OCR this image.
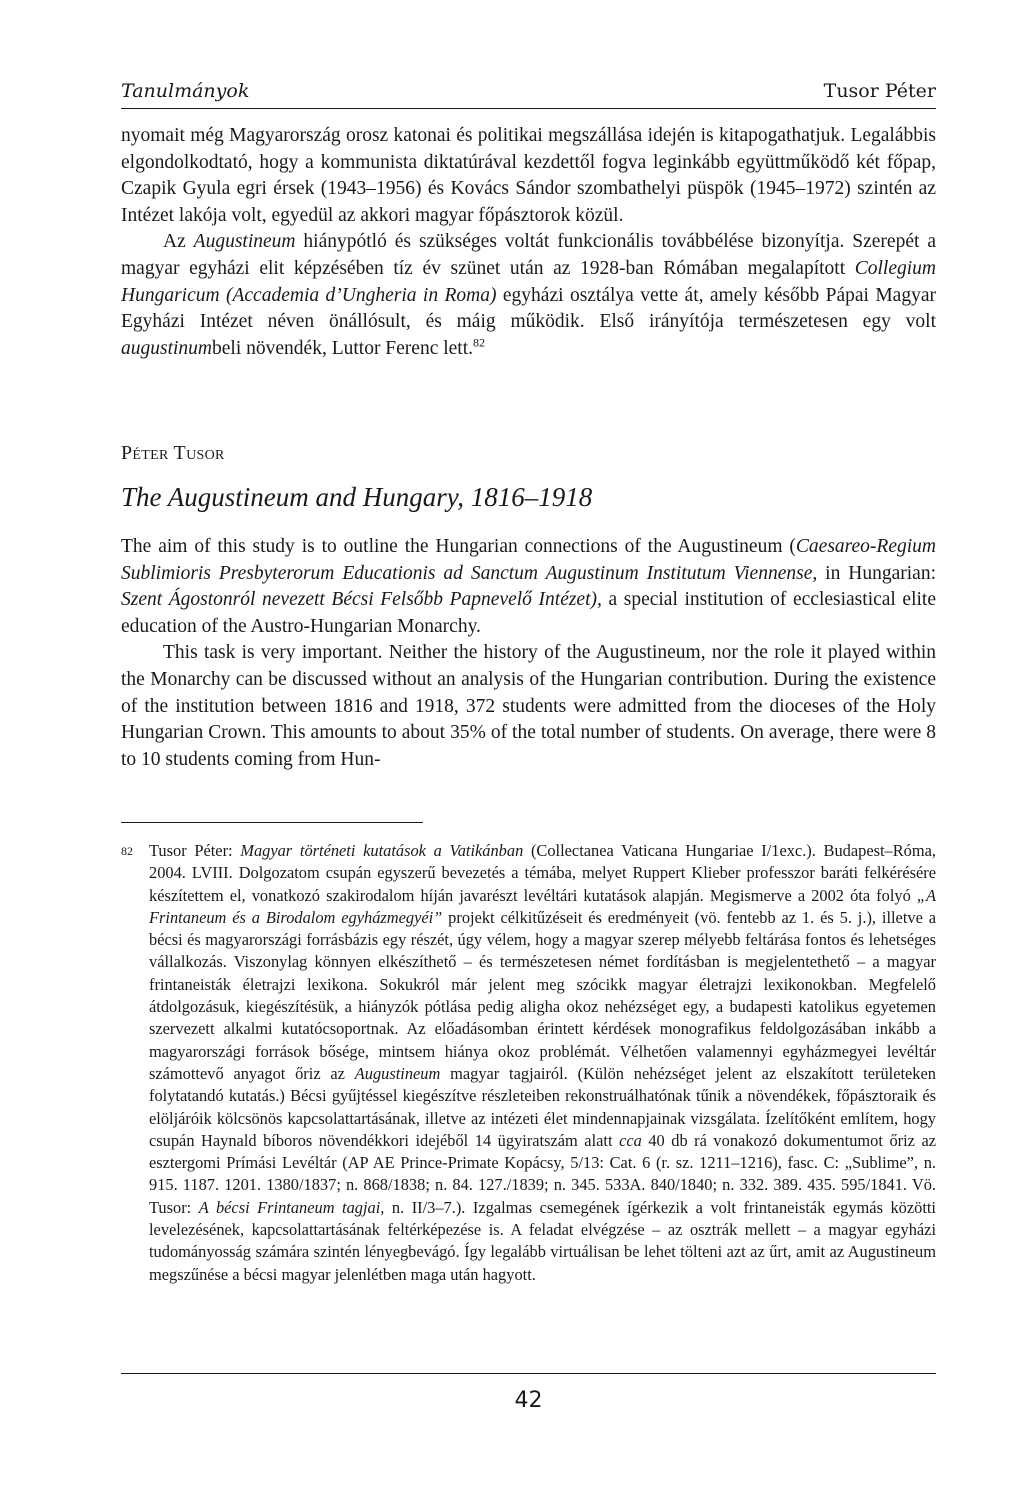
Tanulmányok	Tusor Péter

nyomait még Magyarország orosz katonai és politikai megszállása idején is kitapogathatjuk. Legalábbis elgondolkodtató, hogy a kommunista diktatúrával kezdettől fogva leginkább együttműködő két főpap, Czapik Gyula egri érsek (1943–1956) és Kovács Sándor szombathelyi püspök (1945–1972) szintén az Intézet lakója volt, egyedül az akkori magyar főpásztorok közül.

Az Augustineum hiánypótló és szükséges voltát funkcionális továbbélése bizonyítja. Szerepét a magyar egyházi elit képzésében tíz év szünet után az 1928-ban Rómában megalapított Collegium Hungaricum (Accademia d’Ungheria in Roma) egyházi osztálya vette át, amely később Pápai Magyar Egyházi Intézet néven önállósult, és máig működik. Első irányítója természetesen egy volt augustinumbeli növendék, Luttor Ferenc lett.$^{82}$

Péter Tusor
The Augustineum and Hungary, 1816–1918

The aim of this study is to outline the Hungarian connections of the Augustineum (Caesareo-Regium Sublimioris Presbyterorum Educationis ad Sanctum Augustinum Institutum Viennense, in Hungarian: Szent Ágostonról nevezett Bécsi Felsőbb Papnevelő Intézet), a special institution of ecclesiastical elite education of the Austro-Hungarian Monarchy.

This task is very important. Neither the history of the Augustineum, nor the role it played within the Monarchy can be discussed without an analysis of the Hungarian contribution. During the existence of the institution between 1816 and 1918, 372 students were admitted from the dioceses of the Holy Hungarian Crown. This amounts to about 35% of the total number of students. On average, there were 8 to 10 students coming from Hun-

82 Tusor Péter: Magyar történeti kutatások a Vatikánban (Collectanea Vaticana Hungariae I/1exc.). Budapest–Róma, 2004. LVIII. Dolgozatom csupán egyszerű bevezetés a témába, melyet Ruppert Klieber professzor baráti felkérésére készítettem el, vonatkozó szakirodalom híján javarészt levéltári kutatások alapján. Megismerve a 2002 óta folyó „A Frintaneum és a Birodalom egyházmegyéi” projekt célkitűzéseit és eredményeit (vö. fentebb az 1. és 5. j.), illetve a bécsi és magyarországi forrásbázis egy részét, úgy vélem, hogy a magyar szerep mélyebb feltárása fontos és lehetséges vállalkozás. Viszonylag könnyen elkészíthető – és természetesen német fordításban is megjelentethető – a magyar frintaneisták életrajzi lexikona. Sokukról már jelent meg szócikk magyar életrajzi lexikonokban. Megfelelő átdolgozásuk, kiegészítésük, a hiányzók pótlása pedig aligha okoz nehézséget egy, a budapesti katolikus egyetemen szervezett alkalmi kutatócsoportnak. Az előadásomban érintett kérdések monografikus feldolgozásában inkább a magyarországi források bősége, mintsem hiánya okoz problémát. Vélhetően valamennyi egyházmegyei levéltár számottevő anyagot őriz az Augustineum magyar tagjairól. (Külön nehézséget jelent az elszakított területeken folytatandó kutatás.) Bécsi gyűjtéssel kiegészítve részleteiben rekonstruálhatónak tűnik a növendékek, főpásztoraik és elöljáróik kölcsönös kapcsolattartásának, illetve az intézeti élet mindennapjainak vizsgálata. Ízelítőként említem, hogy csupán Haynald bíboros növendékkori idejéből 14 ügyiratszám alatt cca 40 db rá vonakozó dokumentumot őriz az esztergomi Prímási Levéltár (AP AE Prince-Primate Kopácsy, 5/13: Cat. 6 (r. sz. 1211–1216), fasc. C: „Sublime”, n. 915. 1187. 1201. 1380/1837; n. 868/1838; n. 84. 127./1839; n. 345. 533A. 840/1840; n. 332. 389. 435. 595/1841. Vö. Tusor: A bécsi Frintaneum tagjai, n. II/3–7.). Izgalmas csemegének ígérkezik a volt frintaneisták egymás közötti levelezésének, kapcsolattartásának feltérképezése is. A feladat elvégzése – az osztrák mellett – a magyar egyházi tudományosság számára szintén lényegbevágó. Így legalább virtuálisan be lehet tölteni azt az űrt, amit az Augustineum megszűnése a bécsi magyar jelenlétben maga után hagyott.
42
